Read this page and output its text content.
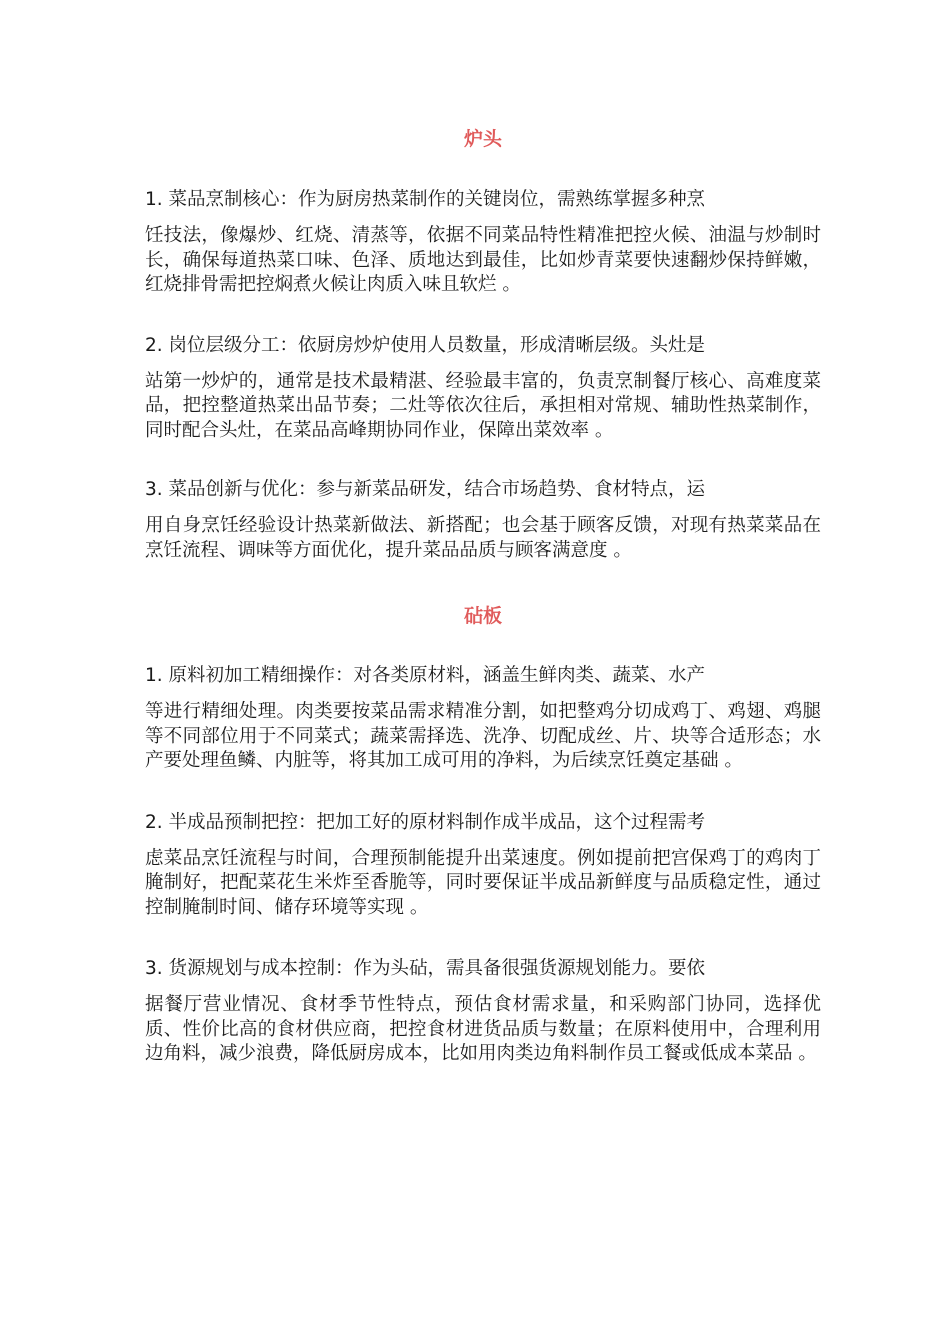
炉头

1. 菜品烹制核心：作为厨房热菜制作的关键岗位，需熟练掌握多种烹

饪技法，像爆炒、红烧、清蒸等，依据不同菜品特性精准把控火候、油温与炒制时长，确保每道热菜口味、色泽、质地达到最佳，比如炒青菜要快速翻炒保持鲜嫩，红烧排骨需把控焖煮火候让肉质入味且软烂 。

2. 岗位层级分工：依厨房炒炉使用人员数量，形成清晰层级。头灶是

站第一炒炉的，通常是技术最精湛、经验最丰富的，负责烹制餐厅核心、高难度菜品，把控整道热菜出品节奏；二灶等依次往后，承担相对常规、辅助性热菜制作，同时配合头灶，在菜品高峰期协同作业，保障出菜效率 。

3. 菜品创新与优化：参与新菜品研发，结合市场趋势、食材特点，运

用自身烹饪经验设计热菜新做法、新搭配；也会基于顾客反馈，对现有热菜菜品在烹饪流程、调味等方面优化，提升菜品品质与顾客满意度 。

砧板

1. 原料初加工精细操作：对各类原材料，涵盖生鲜肉类、蔬菜、水产

等进行精细处理。肉类要按菜品需求精准分割，如把整鸡分切成鸡丁、鸡翅、鸡腿等不同部位用于不同菜式；蔬菜需择选、洗净、切配成丝、片、块等合适形态；水产要处理鱼鳞、内脏等，将其加工成可用的净料，为后续烹饪奠定基础 。

2. 半成品预制把控：把加工好的原材料制作成半成品，这个过程需考

虑菜品烹饪流程与时间，合理预制能提升出菜速度。例如提前把宫保鸡丁的鸡肉丁腌制好，把配菜花生米炸至香脆等，同时要保证半成品新鲜度与品质稳定性，通过控制腌制时间、储存环境等实现 。

3. 货源规划与成本控制：作为头砧，需具备很强货源规划能力。要依

据餐厅营业情况、食材季节性特点，预估食材需求量，和采购部门协同，选择优质、性价比高的食材供应商，把控食材进货品质与数量；在原料使用中，合理利用边角料，减少浪费，降低厨房成本，比如用肉类边角料制作员工餐或低成本菜品 。
